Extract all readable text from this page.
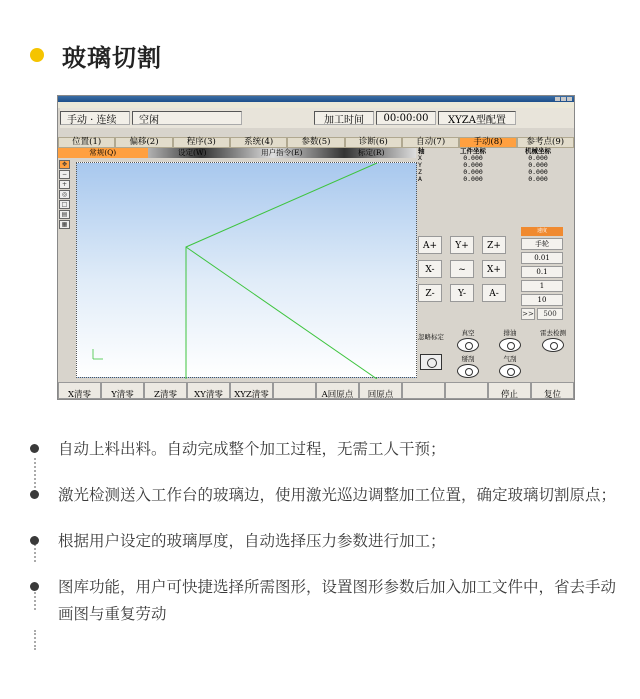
玻璃切割
手动 · 连续	空闲	加工时间	00:00:00	XYZA型配置
位置(1)	偏移(2)	程序(3)	系统(4)	参数(5)	诊断(6)	自动(7)	手动(8)	参考点(9)
常规(Q)	设定(W)	用户指令(E)	标定(R)
✥
−
+
◎
□
▤
▦
轴	工件坐标	机械坐标
X	0.000	0.000
Y	0.000	0.000
Z	0.000	0.000
A	0.000	0.000
A+	Y+	Z+
X-	~	X+
Z-	Y-	A-
速度
手轮
0.01
0.1
1
10
>>	500
忽略标定	真空	排油	雷去检测
掰刮	气刮
X清零	Y清零	Z清零	XY清零	XYZ清零	A回原点	回原点	停止	复位
自动上料出料。自动完成整个加工过程，无需工人干预；
激光检测送入工作台的玻璃边，使用激光巡边调整加工位置，确定玻璃切割原点；
根据用户设定的玻璃厚度，自动选择压力参数进行加工；
图库功能，用户可快捷选择所需图形，设置图形参数后加入加工文件中，省去手动画图与重复劳动
